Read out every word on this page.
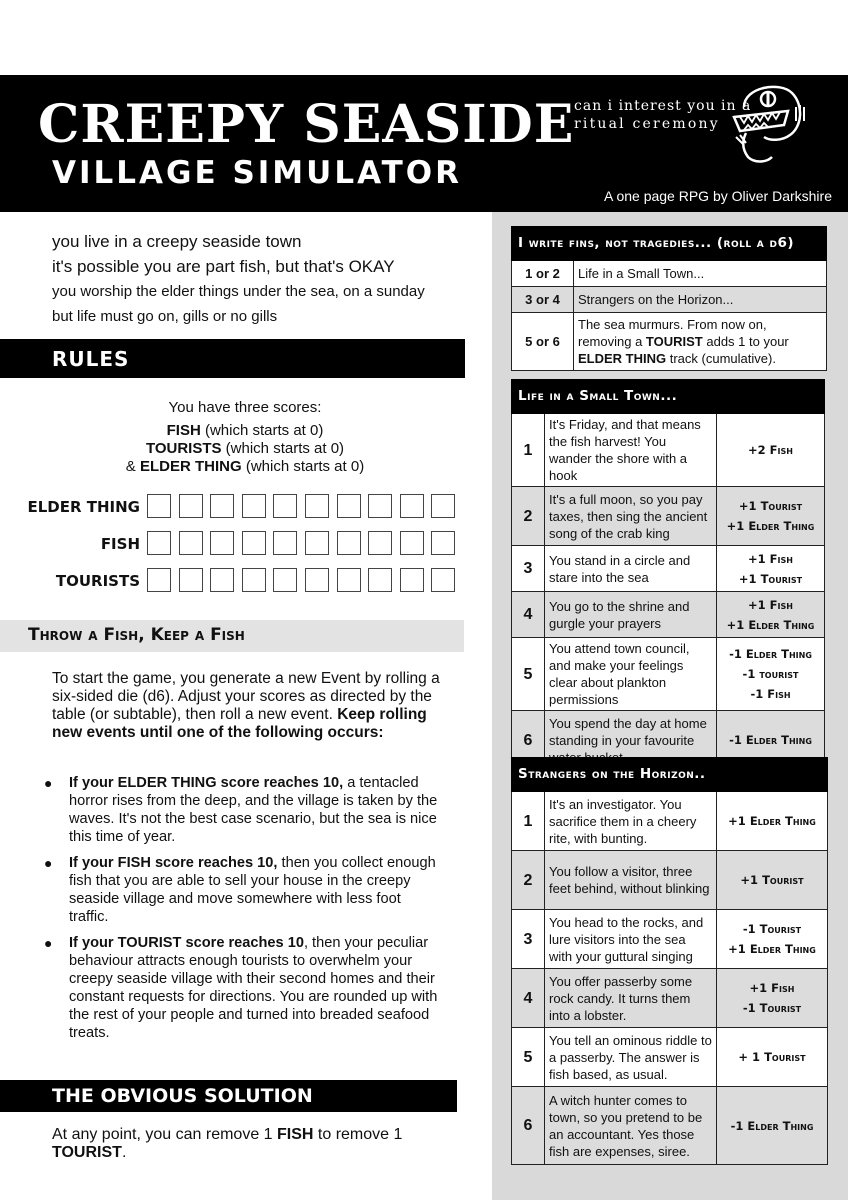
CREEPY SEASIDE
VILLAGE SIMULATOR
can i interest you in a
ritual ceremony
A one page RPG by Oliver Darkshire
you live in a creepy seaside town
it's possible you are part fish, but that's OKAY
you worship the elder things under the sea, on a sunday
but life must go on, gills or no gills
RULES
You have three scores:
FISH (which starts at 0)
TOURISTS (which starts at 0)
& ELDER THING (which starts at 0)
ELDER THING
FISH
TOURISTS
Throw a Fish, Keep a Fish
To start the game, you generate a new Event by rolling a six-sided die (d6). Adjust your scores as directed by the table (or subtable), then roll a new event. Keep rolling new events until one of the following occurs:
● If your ELDER THING score reaches 10, a tentacled horror rises from the deep, and the village is taken by the waves. It's not the best case scenario, but the sea is nice this time of year.
● If your FISH score reaches 10, then you collect enough fish that you are able to sell your house in the creepy seaside village and move somewhere with less foot traffic.
● If your TOURIST score reaches 10, then your peculiar behaviour attracts enough tourists to overwhelm your creepy seaside village with their second homes and their constant requests for directions. You are rounded up with the rest of your people and turned into breaded seafood treats.
THE OBVIOUS SOLUTION
At any point, you can remove 1 FISH to remove 1 TOURIST.
I write fins, not tragedies... (roll a d6)	
1 or 2	Life in a Small Town...
3 or 4	Strangers on the Horizon...
5 or 6	The sea murmurs. From now on, removing a TOURIST adds 1 to your ELDER THING track (cumulative).
Life in a Small Town...		
1	It's Friday, and that means the fish harvest! You wander the shore with a hook	+2 Fish

2	It's a full moon, so you pay taxes, then sing the ancient song of the crab king	+1 Tourist
+1 Elder Thing

3	You stand in a circle and stare into the sea	+1 Fish
+1 Tourist

4	You go to the shrine and gurgle your prayers	+1 Fish
+1 Elder Thing

5	You attend town council, and make your feelings clear about plankton permissions	-1 Elder Thing
-1 tourist
-1 Fish

6	You spend the day at home standing in your favourite	-1 Elder Thing
Strangers on the Horizon..		
1	It's an investigator. You sacrifice them in a cheery rite, with bunting.	+1 Elder Thing

2	You follow a visitor, three feet behind, without blinking	+1 Tourist

3	You head to the rocks, and lure visitors into the sea with your guttural singing	-1 Tourist
+1 Elder Thing

4	You offer passerby some rock candy. It turns them into a lobster.	+1 Fish
-1 Tourist

5	You tell an ominous riddle to a passerby. The answer is fish based, as usual.	+ 1 Tourist

6	A witch hunter comes to town, so you pretend to be an accountant. Yes those fish are expenses, siree.	-1 Elder Thing
